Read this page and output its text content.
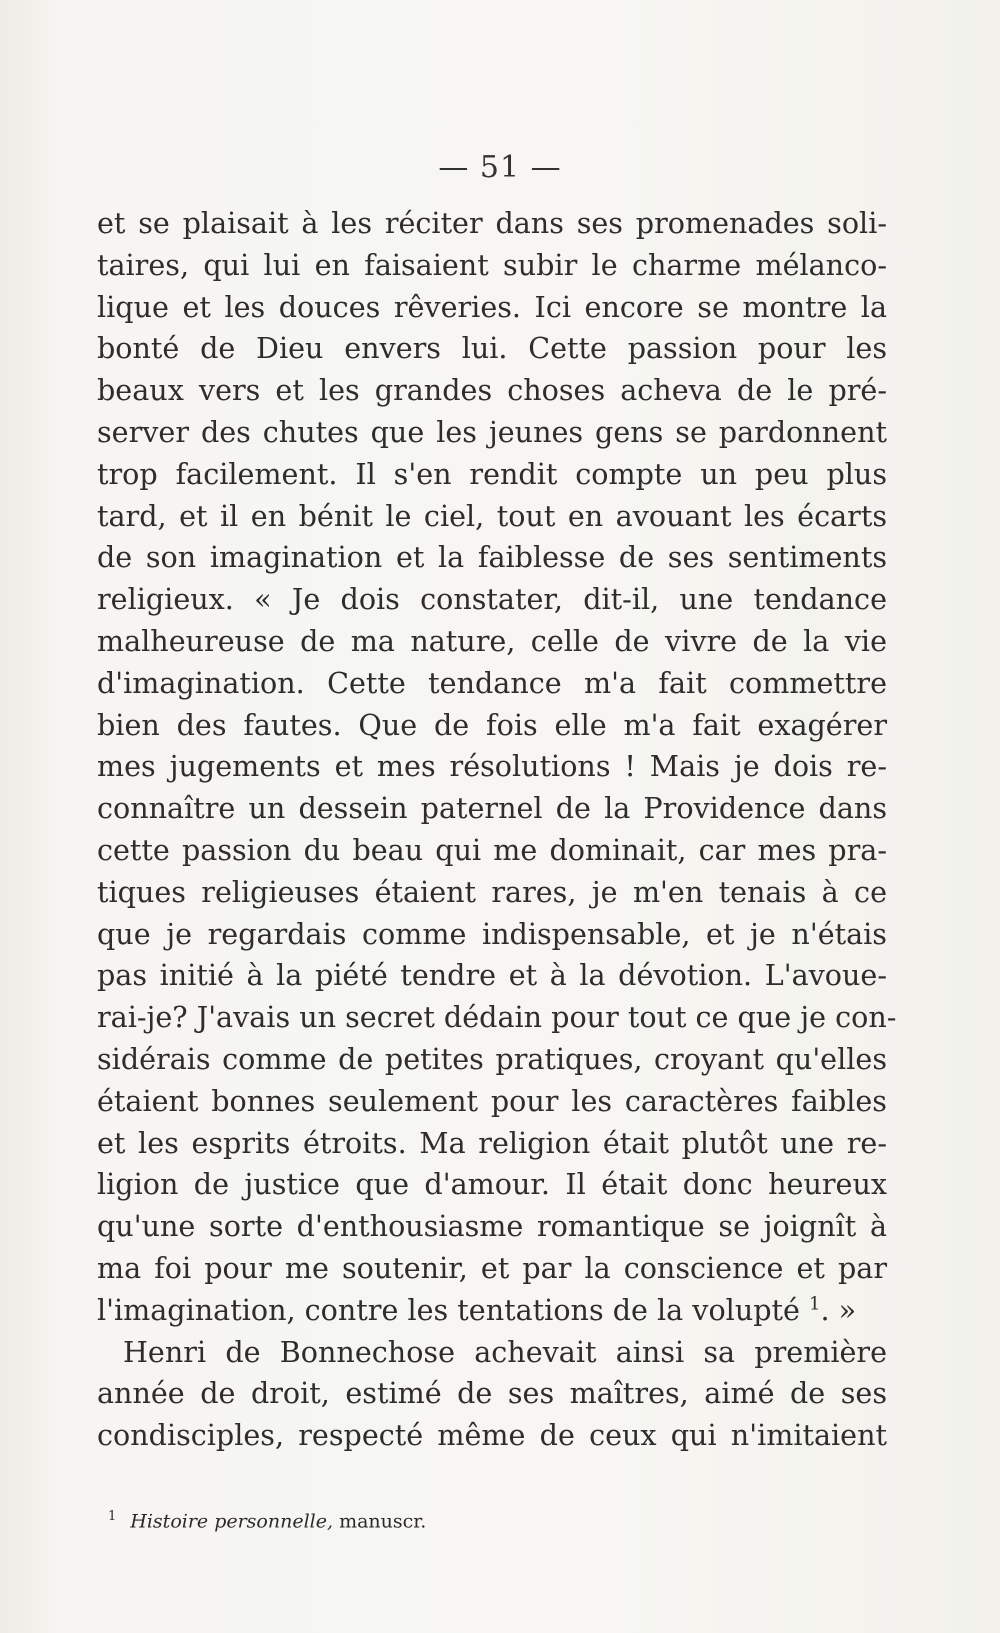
— 51 —
et se plaisait à les réciter dans ses promenades soli-
taires, qui lui en faisaient subir le charme mélanco-
lique et les douces rêveries. Ici encore se montre la
bonté de Dieu envers lui. Cette passion pour les
beaux vers et les grandes choses acheva de le pré-
server des chutes que les jeunes gens se pardonnent
trop facilement. Il s'en rendit compte un peu plus
tard, et il en bénit le ciel, tout en avouant les écarts
de son imagination et la faiblesse de ses sentiments
religieux. « Je dois constater, dit-il, une tendance
malheureuse de ma nature, celle de vivre de la vie
d'imagination. Cette tendance m'a fait commettre
bien des fautes. Que de fois elle m'a fait exagérer
mes jugements et mes résolutions ! Mais je dois re-
connaître un dessein paternel de la Providence dans
cette passion du beau qui me dominait, car mes pra-
tiques religieuses étaient rares, je m'en tenais à ce
que je regardais comme indispensable, et je n'étais
pas initié à la piété tendre et à la dévotion. L'avoue-
rai-je? J'avais un secret dédain pour tout ce que je con-
sidérais comme de petites pratiques, croyant qu'elles
étaient bonnes seulement pour les caractères faibles
et les esprits étroits. Ma religion était plutôt une re-
ligion de justice que d'amour. Il était donc heureux
qu'une sorte d'enthousiasme romantique se joignît à
ma foi pour me soutenir, et par la conscience et par
l'imagination, contre les tentations de la volupté $^1$. »
Henri de Bonnechose achevait ainsi sa première
année de droit, estimé de ses maîtres, aimé de ses
condisciples, respecté même de ceux qui n'imitaient
$^1$ Histoire personnelle, manuscr.
